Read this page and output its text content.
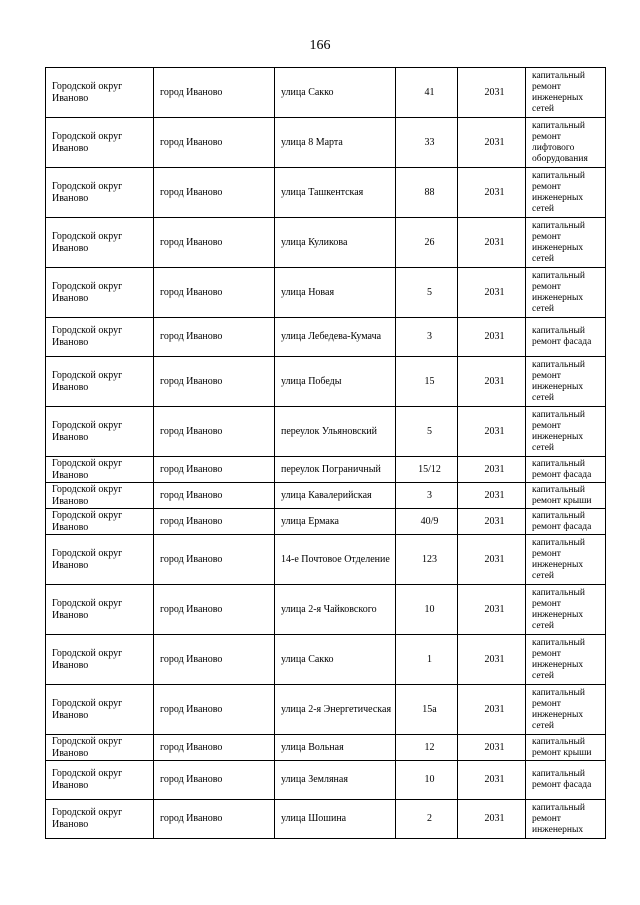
166
Городской округ Иваново	город Иваново	улица Сакко	41	2031	капитальный ремонт инженерных сетей
Городской округ Иваново	город Иваново	улица 8 Марта	33	2031	капитальный ремонт лифтового оборудования
Городской округ Иваново	город Иваново	улица Ташкентская	88	2031	капитальный ремонт инженерных сетей
Городской округ Иваново	город Иваново	улица Куликова	26	2031	капитальный ремонт инженерных сетей
Городской округ Иваново	город Иваново	улица Новая	5	2031	капитальный ремонт инженерных сетей
Городской округ Иваново	город Иваново	улица Лебедева-Кумача	3	2031	капитальный ремонт фасада
Городской округ Иваново	город Иваново	улица Победы	15	2031	капитальный ремонт инженерных сетей
Городской округ Иваново	город Иваново	переулок Ульяновский	5	2031	капитальный ремонт инженерных сетей
Городской округ Иваново	город Иваново	переулок Пограничный	15/12	2031	капитальный ремонт фасада
Городской округ Иваново	город Иваново	улица Кавалерийская	3	2031	капитальный ремонт крыши
Городской округ Иваново	город Иваново	улица Ермака	40/9	2031	капитальный ремонт фасада
Городской округ Иваново	город Иваново	14-е Почтовое Отделение	123	2031	капитальный ремонт инженерных сетей
Городской округ Иваново	город Иваново	улица 2-я Чайковского	10	2031	капитальный ремонт инженерных сетей
Городской округ Иваново	город Иваново	улица Сакко	1	2031	капитальный ремонт инженерных сетей
Городской округ Иваново	город Иваново	улица 2-я Энергетическая	15а	2031	капитальный ремонт инженерных сетей
Городской округ Иваново	город Иваново	улица Вольная	12	2031	капитальный ремонт крыши
Городской округ Иваново	город Иваново	улица Земляная	10	2031	капитальный ремонт фасада
Городской округ Иваново	город Иваново	улица Шошина	2	2031	капитальный ремонт инженерных
